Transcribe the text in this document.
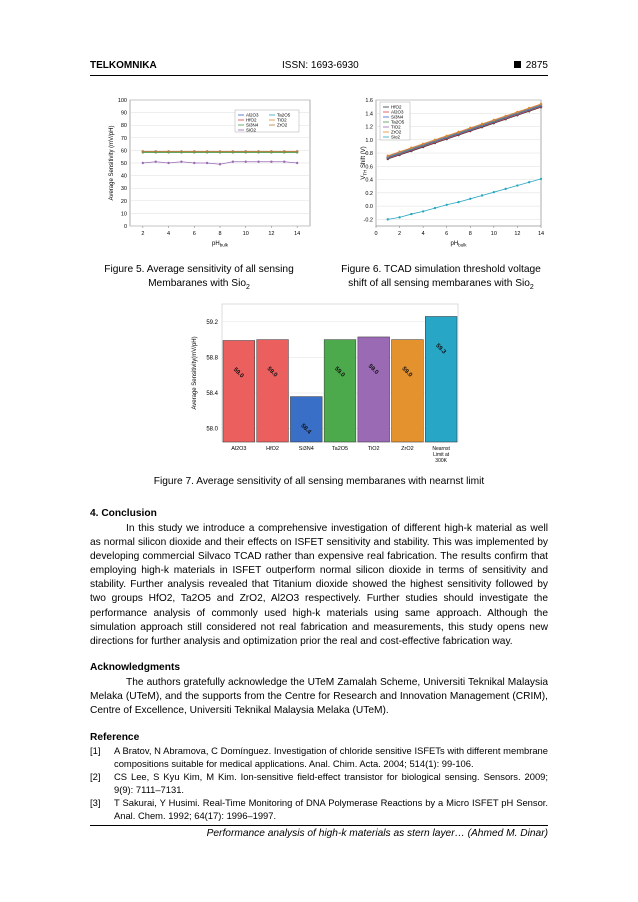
TELKOMNIKA	ISSN: 1693-6930	2875
0
10
20
30
40
50
60
70
80
90
100
2	4	6	8	10	12	14
$pH_{bulk}$
Average Sensitivity (mV/pH)
Al2O3
HfO2
Si3N4
SiO2
Ta2O5
TiO2
ZrO2
-0.2
0.0
0.2
0.4
0.6
0.8
1.0
1.2
1.4
1.6
0	2	4	6	8	10	12	14
$pH_{bulk}$
$V_{TH}$ Shift (V)
HfO2
Al2O3
Si3N4
Ta2O5
TiO2
ZrO2
Sio2
Figure 5. Average sensitivity of all sensing
Membaranes with Sio$_2$
Figure 6. TCAD simulation threshold voltage
shift of all sensing membaranes with Sio$_2$
58.0
58.4
58.8
59.2
Average Sensitivity(mV/pH)	59.0
Al2O3
59.0
HfO2
58.4
Si3N4
59.0
Ta2O5
59.0
TiO2
59.0
ZrO2
59.3
Nearnst
Limit at
300K
Figure 7. Average sensitivity of all sensing membaranes with nearnst limit
4. Conclusion
In this study we introduce a comprehensive investigation of different high-k material as well as normal silicon dioxide and their effects on ISFET sensitivity and stability. This was implemented by developing commercial Silvaco TCAD rather than expensive real fabrication. The results confirm that employing high-k materials in ISFET outperform normal silicon dioxide in terms of sensitivity and stability. Further analysis revealed that Titanium dioxide showed the highest sensitivity followed by two groups HfO2, Ta2O5 and ZrO2, Al2O3 respectively. Further studies should investigate the performance analysis of commonly used high-k materials using same approach. Although the simulation approach still considered not real fabrication and measurements, this study opens new directions for further analysis and optimization prior the real and cost-effective fabrication way.
Acknowledgments
The authors gratefully acknowledge the UTeM Zamalah Scheme, Universiti Teknikal Malaysia Melaka (UTeM), and the supports from the Centre for Research and Innovation Management (CRIM), Centre of Excellence, Universiti Teknikal Malaysia Melaka (UTeM).
Reference
[1] A Bratov, N Abramova, C Domínguez. Investigation of chloride sensitive ISFETs with different membrane compositions suitable for medical applications. Anal. Chim. Acta. 2004; 514(1): 99-106.
[2] CS Lee, S Kyu Kim, M Kim. Ion-sensitive field-effect transistor for biological sensing. Sensors. 2009; 9(9): 7111–7131.
[3] T Sakurai, Y Husimi. Real-Time Monitoring of DNA Polymerase Reactions by a Micro ISFET pH Sensor. Anal. Chem. 1992; 64(17): 1996–1997.
Performance analysis of high-k materials as stern layer… (Ahmed M. Dinar)
